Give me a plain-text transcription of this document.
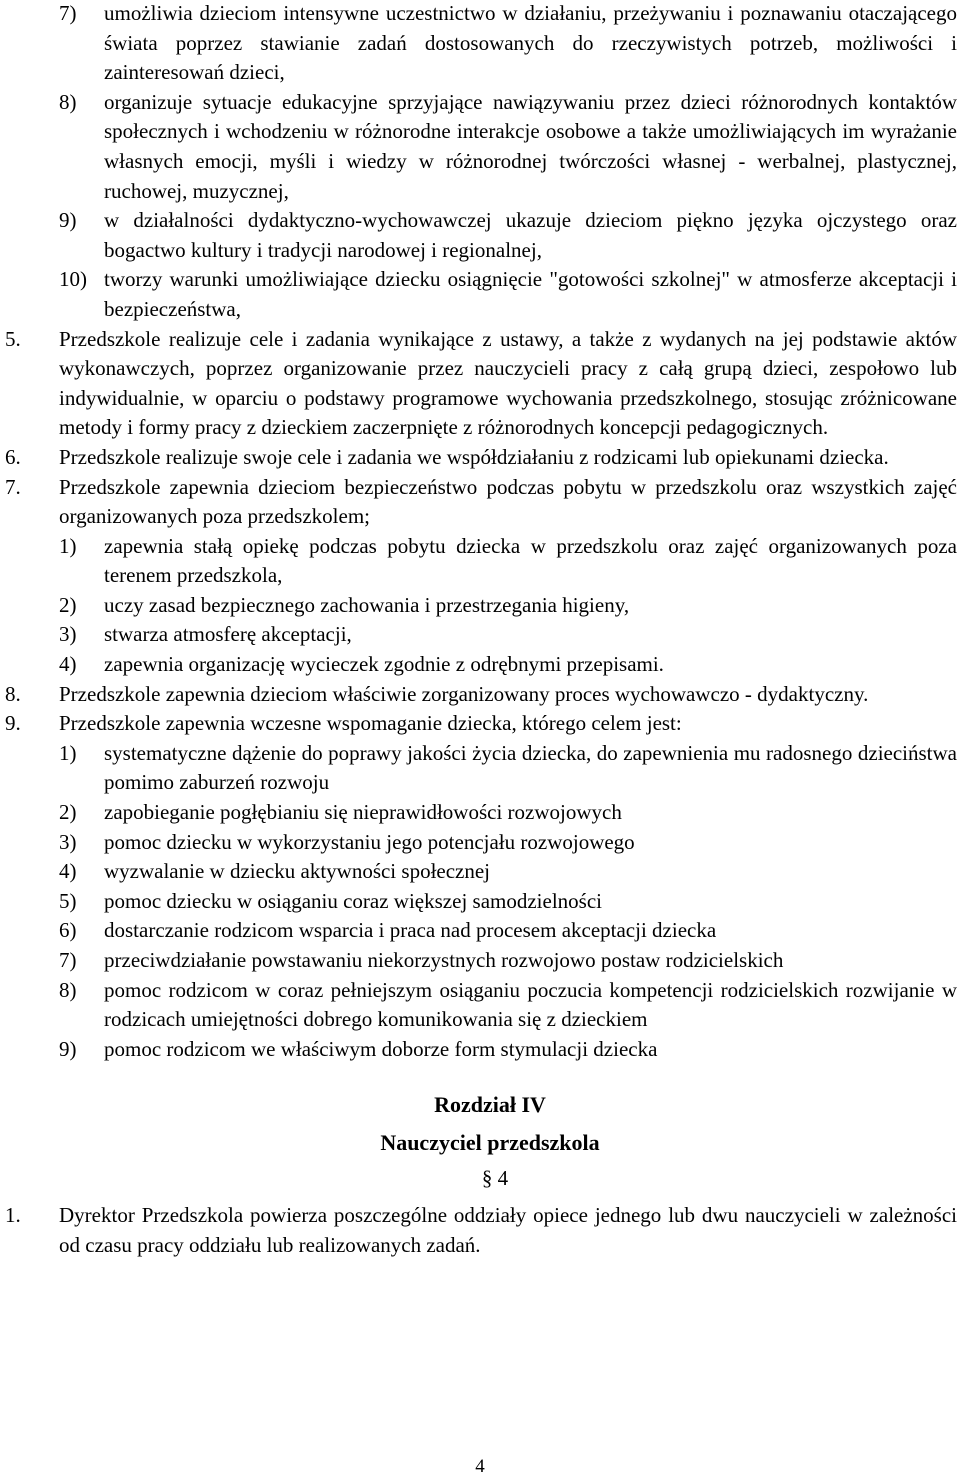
7) umożliwia dzieciom intensywne uczestnictwo w działaniu, przeżywaniu i poznawaniu otaczającego świata poprzez stawianie zadań dostosowanych do rzeczywistych potrzeb, możliwości i zainteresowań dzieci,
8) organizuje sytuacje edukacyjne sprzyjające nawiązywaniu przez dzieci różnorodnych kontaktów społecznych i wchodzeniu w różnorodne interakcje osobowe a także umożliwiających im wyrażanie własnych emocji, myśli i wiedzy w różnorodnej twórczości własnej - werbalnej, plastycznej, ruchowej, muzycznej,
9) w działalności dydaktyczno-wychowawczej ukazuje dzieciom piękno języka ojczystego oraz bogactwo kultury i tradycji narodowej i regionalnej,
10) tworzy warunki umożliwiające dziecku osiągnięcie "gotowości szkolnej" w atmosferze akceptacji i bezpieczeństwa,
5. Przedszkole realizuje cele i zadania wynikające z ustawy, a także z wydanych na jej podstawie aktów wykonawczych, poprzez organizowanie przez nauczycieli pracy z całą grupą dzieci, zespołowo lub indywidualnie, w oparciu o podstawy programowe wychowania przedszkolnego, stosując zróżnicowane metody i formy pracy z dzieckiem zaczerpnięte z różnorodnych koncepcji pedagogicznych.
6. Przedszkole realizuje swoje cele i zadania we współdziałaniu z rodzicami lub opiekunami dziecka.
7. Przedszkole zapewnia dzieciom bezpieczeństwo podczas pobytu w przedszkolu oraz wszystkich zajęć organizowanych poza przedszkolem;
1) zapewnia stałą opiekę podczas pobytu dziecka w przedszkolu oraz zajęć organizowanych poza terenem przedszkola,
2) uczy zasad bezpiecznego zachowania i przestrzegania higieny,
3) stwarza atmosferę akceptacji,
4) zapewnia organizację wycieczek zgodnie z odrębnymi przepisami.
8. Przedszkole zapewnia dzieciom właściwie zorganizowany proces wychowawczo - dydaktyczny.
9. Przedszkole zapewnia wczesne wspomaganie dziecka, którego celem jest:
1) systematyczne dążenie do poprawy jakości życia dziecka, do zapewnienia mu radosnego dzieciństwa pomimo zaburzeń rozwoju
2) zapobieganie pogłębianiu się nieprawidłowości rozwojowych
3) pomoc dziecku w wykorzystaniu jego potencjału rozwojowego
4) wyzwalanie w dziecku aktywności społecznej
5) pomoc dziecku w osiąganiu coraz większej samodzielności
6) dostarczanie rodzicom wsparcia i praca nad procesem akceptacji dziecka
7) przeciwdziałanie powstawaniu niekorzystnych rozwojowo postaw rodzicielskich
8) pomoc rodzicom w coraz pełniejszym osiąganiu poczucia kompetencji rodzicielskich rozwijanie w rodzicach umiejętności dobrego komunikowania się z dzieckiem
9) pomoc rodzicom we właściwym doborze form stymulacji dziecka
Rozdział IV
Nauczyciel przedszkola
§ 4
1. Dyrektor Przedszkola powierza poszczególne oddziały opiece jednego lub dwu nauczycieli w zależności od czasu pracy oddziału lub realizowanych zadań.
4
